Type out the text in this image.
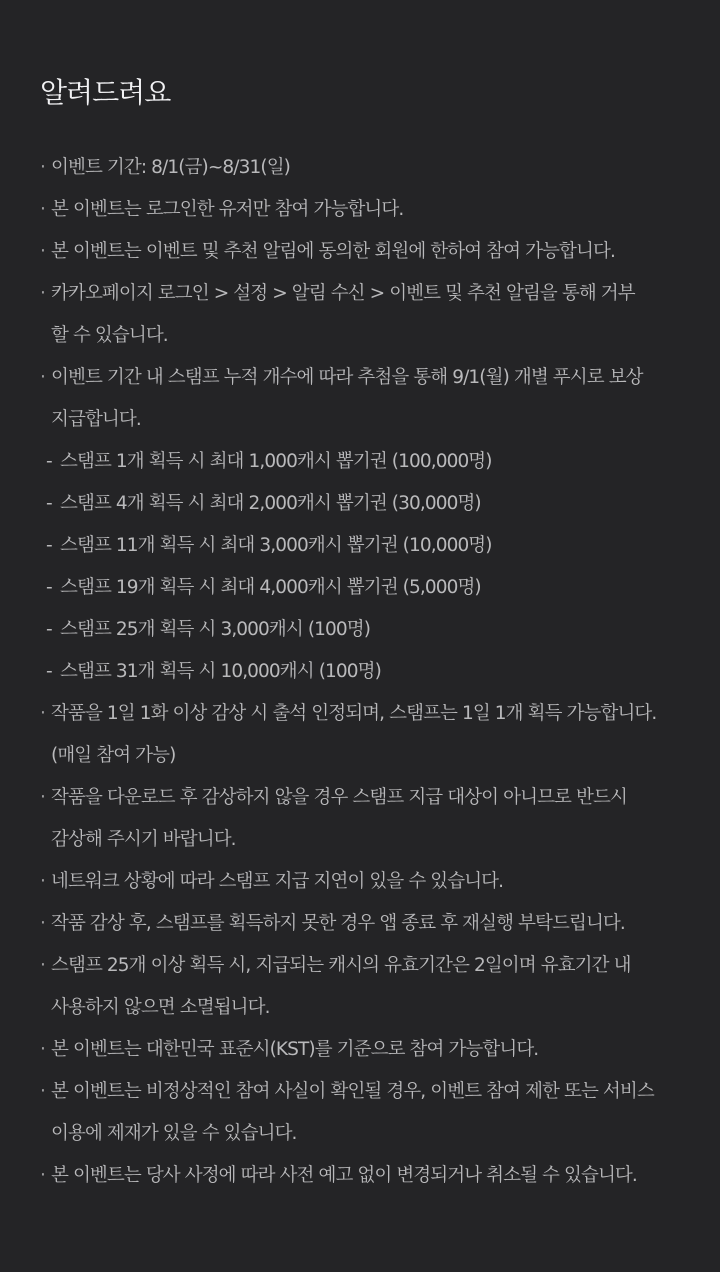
알려드려요
· 이벤트 기간: 8/1(금)~8/31(일)
· 본 이벤트는 로그인한 유저만 참여 가능합니다.
· 본 이벤트는 이벤트 및 추천 알림에 동의한 회원에 한하여 참여 가능합니다.
· 카카오페이지 로그인 > 설정 > 알림 수신 > 이벤트 및 추천 알림을 통해 거부
할 수 있습니다.
· 이벤트 기간 내 스탬프 누적 개수에 따라 추첨을 통해 9/1(월) 개별 푸시로 보상
지급합니다.
- 스탬프 1개 획득 시 최대 1,000캐시 뽑기권 (100,000명)
- 스탬프 4개 획득 시 최대 2,000캐시 뽑기권 (30,000명)
- 스탬프 11개 획득 시 최대 3,000캐시 뽑기권 (10,000명)
- 스탬프 19개 획득 시 최대 4,000캐시 뽑기권 (5,000명)
- 스탬프 25개 획득 시 3,000캐시 (100명)
- 스탬프 31개 획득 시 10,000캐시 (100명)
· 작품을 1일 1화 이상 감상 시 출석 인정되며, 스탬프는 1일 1개 획득 가능합니다.
(매일 참여 가능)
· 작품을 다운로드 후 감상하지 않을 경우 스탬프 지급 대상이 아니므로 반드시
감상해 주시기 바랍니다.
· 네트워크 상황에 따라 스탬프 지급 지연이 있을 수 있습니다.
· 작품 감상 후, 스탬프를 획득하지 못한 경우 앱 종료 후 재실행 부탁드립니다.
· 스탬프 25개 이상 획득 시, 지급되는 캐시의 유효기간은 2일이며 유효기간 내
사용하지 않으면 소멸됩니다.
· 본 이벤트는 대한민국 표준시(KST)를 기준으로 참여 가능합니다.
· 본 이벤트는 비정상적인 참여 사실이 확인될 경우, 이벤트 참여 제한 또는 서비스
이용에 제재가 있을 수 있습니다.
· 본 이벤트는 당사 사정에 따라 사전 예고 없이 변경되거나 취소될 수 있습니다.
